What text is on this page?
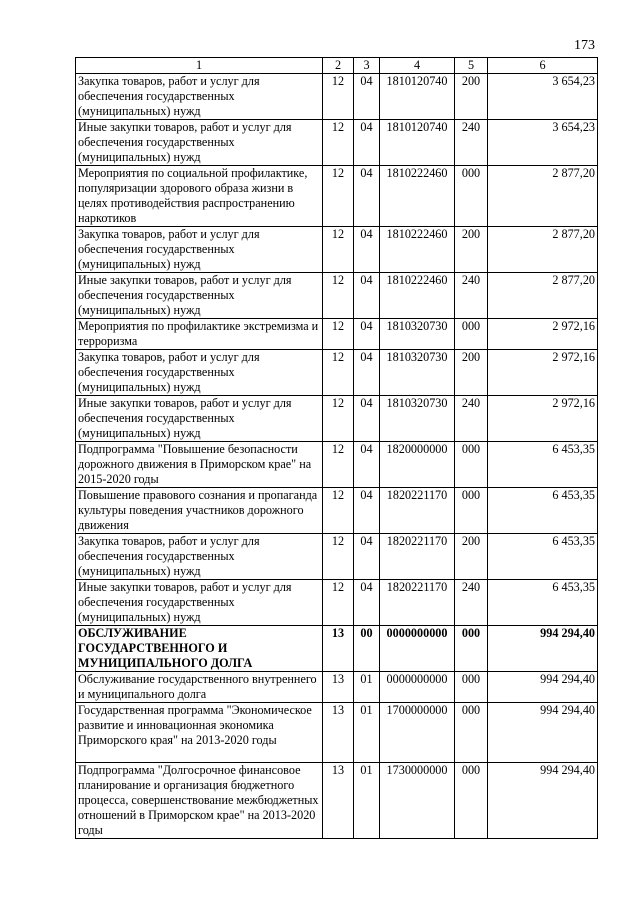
173
1	2	3	4	5	6
Закупка товаров, работ и услуг для обеспечения государственных (муниципальных) нужд	12	04	1810120740	200	3 654,23
Иные закупки товаров, работ и услуг для обеспечения государственных (муниципальных) нужд	12	04	1810120740	240	3 654,23
Мероприятия по социальной профилактике, популяризации здорового образа жизни в целях противодействия распространению наркотиков	12	04	1810222460	000	2 877,20
Закупка товаров, работ и услуг для обеспечения государственных (муниципальных) нужд	12	04	1810222460	200	2 877,20
Иные закупки товаров, работ и услуг для обеспечения государственных (муниципальных) нужд	12	04	1810222460	240	2 877,20
Мероприятия по профилактике экстремизма и терроризма	12	04	1810320730	000	2 972,16
Закупка товаров, работ и услуг для обеспечения государственных (муниципальных) нужд	12	04	1810320730	200	2 972,16
Иные закупки товаров, работ и услуг для обеспечения государственных (муниципальных) нужд	12	04	1810320730	240	2 972,16
Подпрограмма "Повышение безопасности дорожного движения в Приморском крае" на 2015-2020 годы	12	04	1820000000	000	6 453,35
Повышение правового сознания и пропаганда культуры поведения участников дорожного движения	12	04	1820221170	000	6 453,35
Закупка товаров, работ и услуг для обеспечения государственных (муниципальных) нужд	12	04	1820221170	200	6 453,35
Иные закупки товаров, работ и услуг для обеспечения государственных (муниципальных) нужд	12	04	1820221170	240	6 453,35
ОБСЛУЖИВАНИЕ ГОСУДАРСТВЕННОГО И МУНИЦИПАЛЬНОГО ДОЛГА	13	00	0000000000	000	994 294,40
Обслуживание государственного внутреннего и муниципального долга	13	01	0000000000	000	994 294,40
Государственная программа "Экономическое развитие и инновационная экономика Приморского края" на 2013-2020 годы	13	01	1700000000	000	994 294,40
Подпрограмма "Долгосрочное финансовое планирование и организация бюджетного процесса, совершенствование межбюджетных отношений в Приморском крае" на 2013-2020 годы	13	01	1730000000	000	994 294,40
